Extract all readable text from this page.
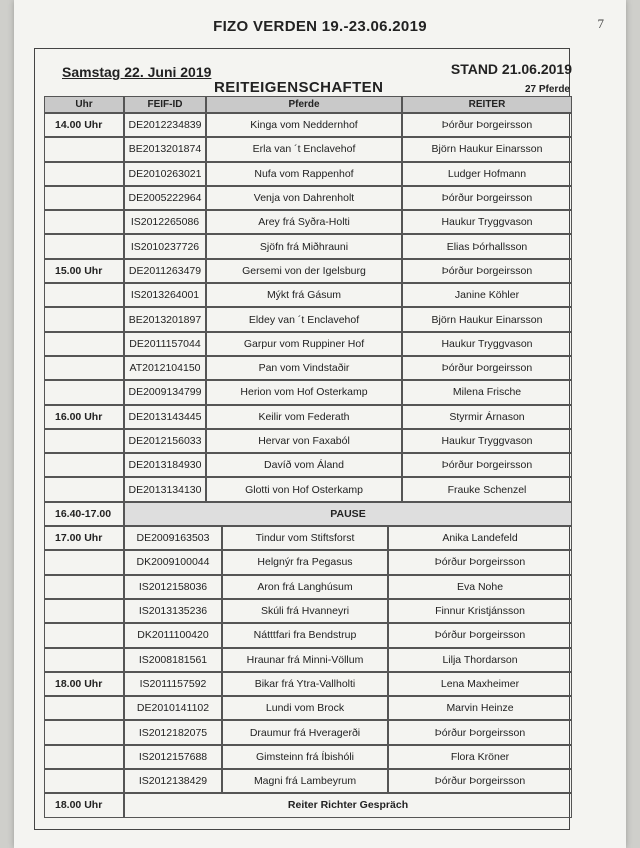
FIZO VERDEN 19.-23.06.2019	7
Samstag 22. Juni 2019	STAND 21.06.2019
REITEIGENSCHAFTEN	27 Pferde
Uhr	FEIF-ID	Pferde	REITER
14.00 Uhr	DE2012234839	Kinga vom Neddernhof	Þórður Þorgeirsson
BE2013201874	Erla van ´t Enclavehof	Björn Haukur Einarsson
DE2010263021	Nufa vom Rappenhof	Ludger Hofmann
DE2005222964	Venja von Dahrenholt	Þórður Þorgeirsson
IS2012265086	Arey frá Syðra-Holti	Haukur Tryggvason
IS2010237726	Sjöfn frá Miðhrauni	Elias Þórhallsson
15.00 Uhr	DE2011263479	Gersemi von der Igelsburg	Þórður Þorgeirsson
IS2013264001	Mýkt frá Gásum	Janine Köhler
BE2013201897	Eldey van ´t Enclavehof	Björn Haukur Einarsson
DE2011157044	Garpur vom Ruppiner Hof	Haukur Tryggvason
AT2012104150	Pan vom Vindstaðir	Þórður Þorgeirsson
DE2009134799	Herion vom Hof Osterkamp	Milena Frische
16.00 Uhr	DE2013143445	Keilir vom Federath	Styrmir Árnason
DE2012156033	Hervar von Faxaból	Haukur Tryggvason
DE2013184930	Davíð vom Áland	Þórður Þorgeirsson
DE2013134130	Glotti von Hof Osterkamp	Frauke Schenzel
16.40-17.00	PAUSE
17.00 Uhr	DE2009163503	Tindur vom Stiftsforst	Anika Landefeld
DK2009100044	Helgnýr fra Pegasus	Þórður Þorgeirsson
IS2012158036	Aron frá Langhúsum	Eva Nohe
IS2013135236	Skúli frá Hvanneyri	Finnur Kristjánsson
DK2011100420	Nátttfari fra Bendstrup	Þórður Þorgeirsson
IS2008181561	Hraunar frá Minni-Völlum	Lilja Thordarson
18.00 Uhr	IS2011157592	Bikar frá Ytra-Vallholti	Lena Maxheimer
DE2010141102	Lundi vom Brock	Marvin Heinze
IS2012182075	Draumur frá Hveragerði	Þórður Þorgeirsson
IS2012157688	Gimsteinn frá Íbishóli	Flora Kröner
IS2012138429	Magni frá Lambeyrum	Þórður Þorgeirsson
18.00 Uhr	Reiter Richter Gespräch
